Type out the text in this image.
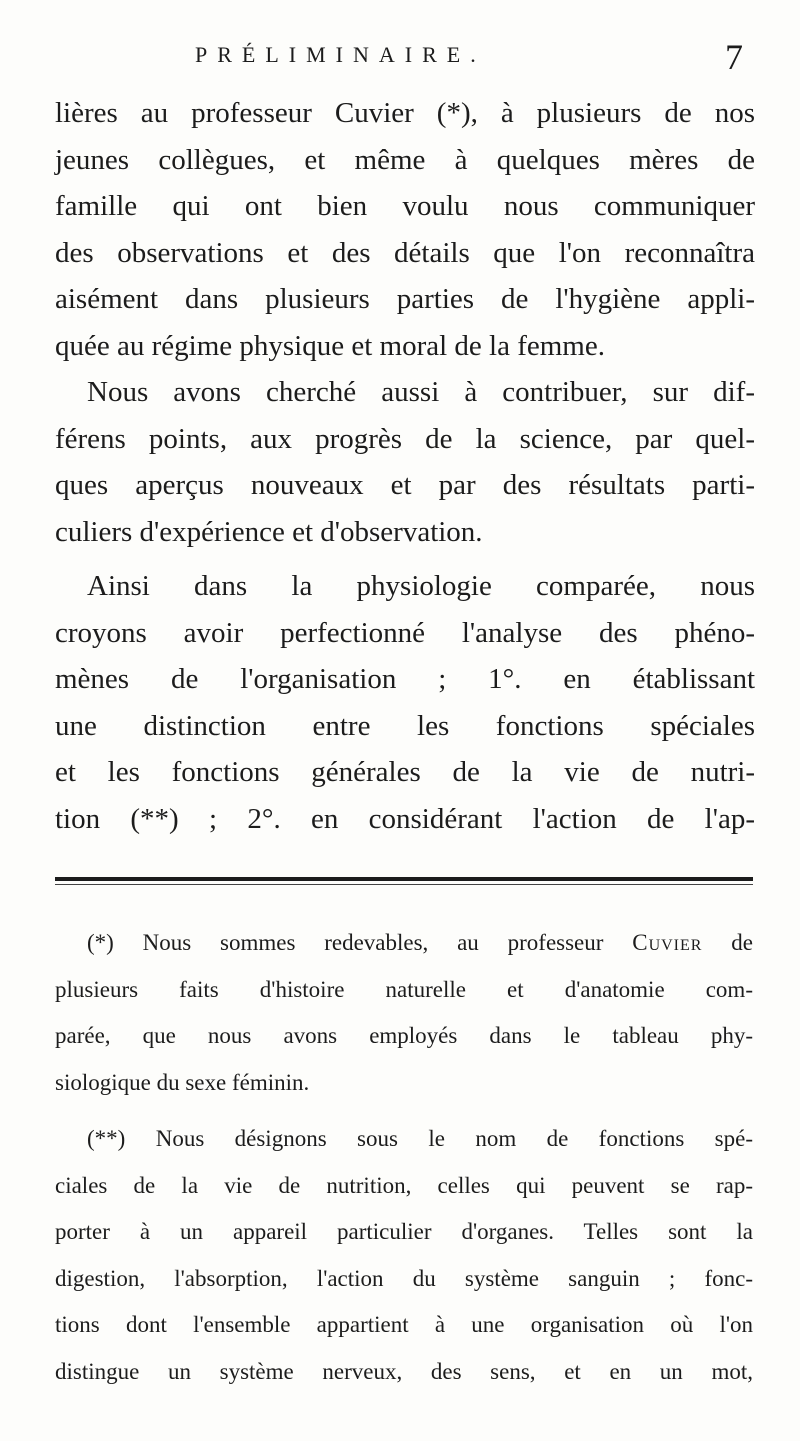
PRÉLIMINAIRE.	7
lières au professeur Cuvier (*), à plusieurs de nos
jeunes collègues, et même à quelques mères de
famille qui ont bien voulu nous communiquer
des observations et des détails que l'on reconnaîtra
aisément dans plusieurs parties de l'hygiène appli-
quée au régime physique et moral de la femme.
Nous avons cherché aussi à contribuer, sur dif-
férens points, aux progrès de la science, par quel-
ques aperçus nouveaux et par des résultats parti-
culiers d'expérience et d'observation.
Ainsi dans la physiologie comparée, nous
croyons avoir perfectionné l'analyse des phéno-
mènes de l'organisation ; 1°. en établissant
une distinction entre les fonctions spéciales
et les fonctions générales de la vie de nutri-
tion (**) ; 2°. en considérant l'action de l'ap-
(*) Nous sommes redevables, au professeur Cuvier de
plusieurs faits d'histoire naturelle et d'anatomie com-
parée, que nous avons employés dans le tableau phy-
siologique du sexe féminin.
(**) Nous désignons sous le nom de fonctions spé-
ciales de la vie de nutrition, celles qui peuvent se rap-
porter à un appareil particulier d'organes. Telles sont la
digestion, l'absorption, l'action du système sanguin ; fonc-
tions dont l'ensemble appartient à une organisation où l'on
distingue un système nerveux, des sens, et en un mot,
